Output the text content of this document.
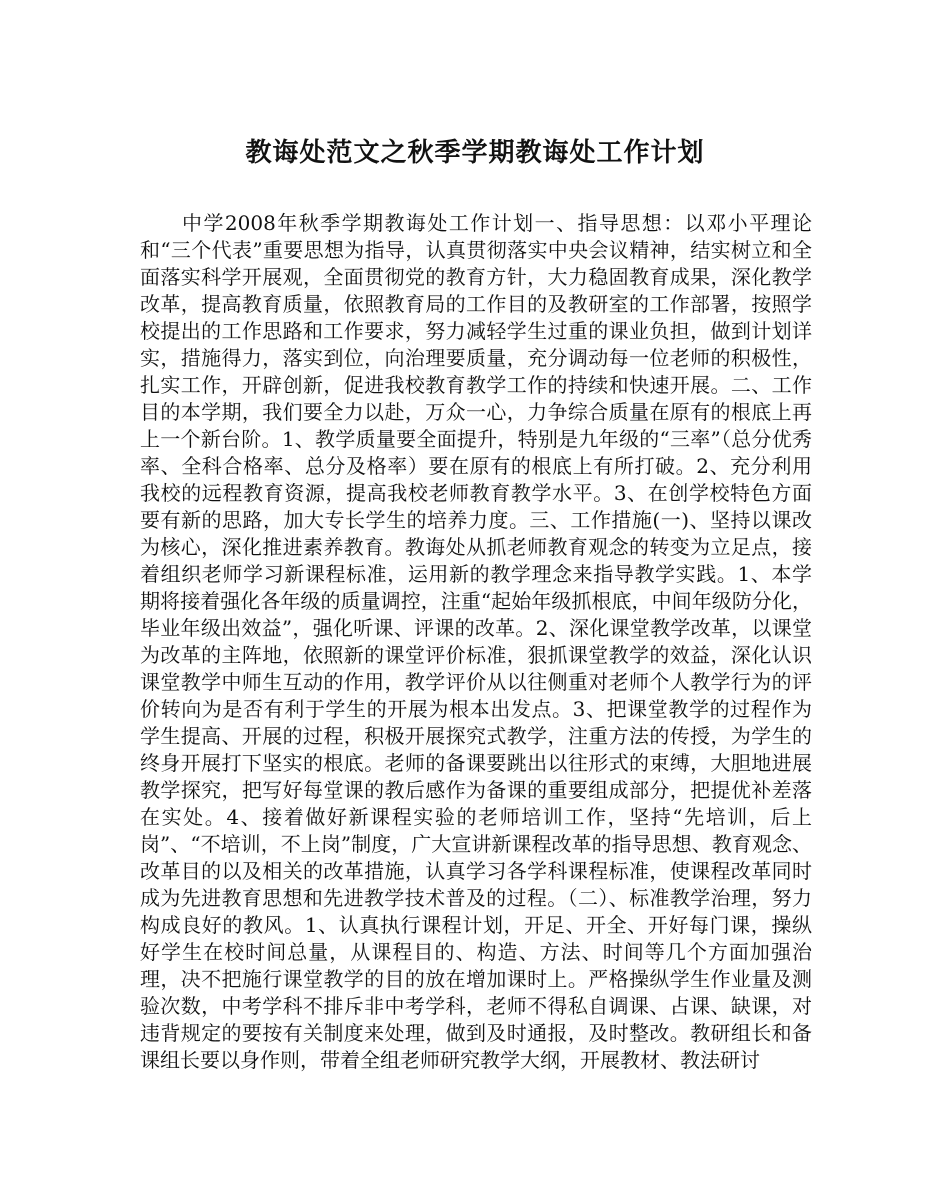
教诲处范文之秋季学期教诲处工作计划

中学2008年秋季学期教诲处工作计划一、指导思想：以邓小平理论和“三个代表”重要思想为指导，认真贯彻落实中央会议精神，结实树立和全面落实科学开展观，全面贯彻党的教育方针，大力稳固教育成果，深化教学改革，提高教育质量，依照教育局的工作目的及教研室的工作部署，按照学校提出的工作思路和工作要求，努力减轻学生过重的课业负担，做到计划详实，措施得力，落实到位，向治理要质量，充分调动每一位老师的积极性，扎实工作，开辟创新，促进我校教育教学工作的持续和快速开展。二、工作目的本学期，我们要全力以赴，万众一心，力争综合质量在原有的根底上再上一个新台阶。1、教学质量要全面提升，特别是九年级的“三率”（总分优秀率、全科合格率、总分及格率）要在原有的根底上有所打破。2、充分利用我校的远程教育资源，提高我校老师教育教学水平。3、在创学校特色方面要有新的思路，加大专长学生的培养力度。三、工作措施(一)、坚持以课改为核心，深化推进素养教育。教诲处从抓老师教育观念的转变为立足点，接着组织老师学习新课程标准，运用新的教学理念来指导教学实践。1、本学期将接着强化各年级的质量调控，注重“起始年级抓根底，中间年级防分化，毕业年级出效益”，强化听课、评课的改革。2、深化课堂教学改革，以课堂为改革的主阵地，依照新的课堂评价标准，狠抓课堂教学的效益，深化认识课堂教学中师生互动的作用，教学评价从以往侧重对老师个人教学行为的评价转向为是否有利于学生的开展为根本出发点。3、把课堂教学的过程作为学生提高、开展的过程，积极开展探究式教学，注重方法的传授，为学生的终身开展打下坚实的根底。老师的备课要跳出以往形式的束缚，大胆地进展教学探究，把写好每堂课的教后感作为备课的重要组成部分，把提优补差落在实处。4、接着做好新课程实验的老师培训工作，坚持“先培训，后上岗”、“不培训，不上岗”制度，广大宣讲新课程改革的指导思想、教育观念、改革目的以及相关的改革措施，认真学习各学科课程标准，使课程改革同时成为先进教育思想和先进教学技术普及的过程。（二）、标准教学治理，努力构成良好的教风。1、认真执行课程计划，开足、开全、开好每门课，操纵好学生在校时间总量，从课程目的、构造、方法、时间等几个方面加强治理，决不把施行课堂教学的目的放在增加课时上。严格操纵学生作业量及测验次数，中考学科不排斥非中考学科，老师不得私自调课、占课、缺课，对违背规定的要按有关制度来处理，做到及时通报，及时整改。教研组长和备课组长要以身作则，带着全组老师研究教学大纲，开展教材、教法研讨
